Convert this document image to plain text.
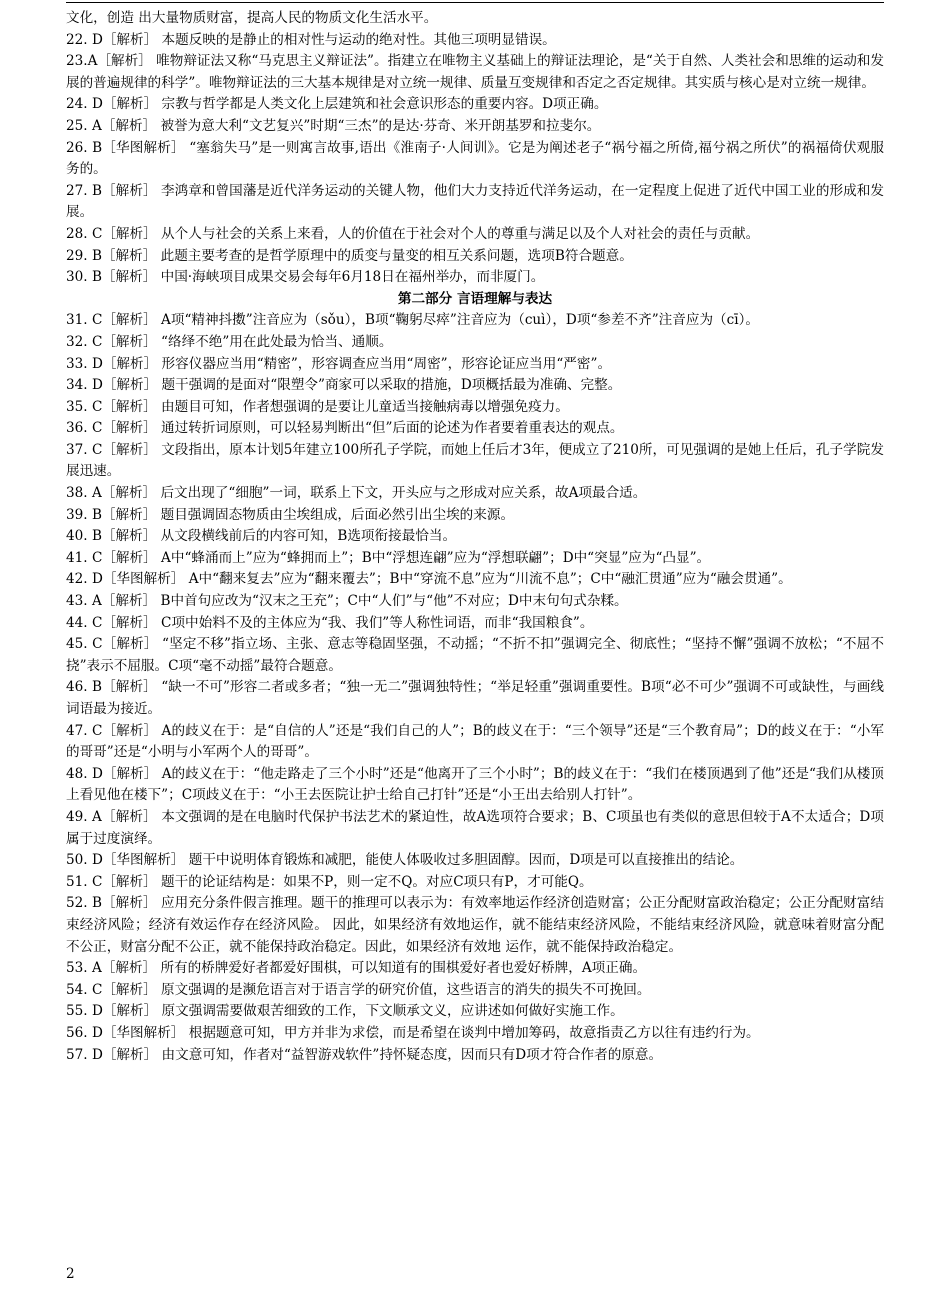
文化，创造 出大量物质财富，提高人民的物质文化生活水平。

22. D［解析］ 本题反映的是静止的相对性与运动的绝对性。其他三项明显错误。

23.A［解析］ 唯物辩证法又称“马克思主义辩证法”。指建立在唯物主义基础上的辩证法理论，是“关于自然、人类社会和思维的运动和发展的普遍规律的科学”。唯物辩证法的三大基本规律是对立统一规律、质量互变规律和否定之否定规律。其实质与核心是对立统一规律。

24. D［解析］ 宗教与哲学都是人类文化上层建筑和社会意识形态的重要内容。D项正确。

25. A［解析］ 被誉为意大利“文艺复兴”时期“三杰”的是达·芬奇、米开朗基罗和拉斐尔。

26. B［华图解析］ “塞翁失马”是一则寓言故事,语出《淮南子·人间训》。它是为阐述老子“祸兮福之所倚,福兮祸之所伏”的祸福倚伏观服务的。

27. B［解析］ 李鸿章和曾国藩是近代洋务运动的关键人物，他们大力支持近代洋务运动，在一定程度上促进了近代中国工业的形成和发展。

28. C［解析］ 从个人与社会的关系上来看，人的价值在于社会对个人的尊重与满足以及个人对社会的责任与贡献。

29. B［解析］ 此题主要考查的是哲学原理中的质变与量变的相互关系问题，选项B符合题意。

30. B［解析］ 中国·海峡项目成果交易会每年6月18日在福州举办，而非厦门。

第二部分 言语理解与表达

31. C［解析］ A项“精神抖擞”注音应为（sǒu），B项“鞠躬尽瘁”注音应为（cuì），D项“参差不齐”注音应为（cī）。

32. C［解析］ “络绎不绝”用在此处最为恰当、通顺。

33. D［解析］ 形容仪器应当用“精密”，形容调查应当用“周密”，形容论证应当用“严密”。

34. D［解析］ 题干强调的是面对“限塑令”商家可以采取的措施，D项概括最为准确、完整。

35. C［解析］ 由题目可知，作者想强调的是要让儿童适当接触病毒以增强免疫力。

36. C［解析］ 通过转折词原则，可以轻易判断出“但”后面的论述为作者要着重表达的观点。

37. C［解析］ 文段指出，原本计划5年建立100所孔子学院，而她上任后才3年，便成立了210所，可见强调的是她上任后，孔子学院发展迅速。

38. A［解析］ 后文出现了“细胞”一词，联系上下文，开头应与之形成对应关系，故A项最合适。

39. B［解析］ 题目强调固态物质由尘埃组成，后面必然引出尘埃的来源。

40. B［解析］ 从文段横线前后的内容可知，B选项衔接最恰当。

41. C［解析］ A中“蜂涌而上”应为“蜂拥而上”；B中“浮想连翩”应为“浮想联翩”；D中“突显”应为“凸显”。

42. D［华图解析］ A中“翻来复去”应为“翻来覆去”；B中“穿流不息”应为“川流不息”；C中“融汇贯通”应为“融会贯通”。

43. A［解析］ B中首句应改为“汉末之王充”；C中“人们”与“他”不对应；D中末句句式杂糅。

44. C［解析］ C项中始料不及的主体应为“我、我们”等人称性词语，而非“我国粮食”。

45. C［解析］ “坚定不移”指立场、主张、意志等稳固坚强，不动摇；“不折不扣”强调完全、彻底性；“坚持不懈”强调不放松；“不屈不挠”表示不屈服。C项“毫不动摇”最符合题意。

46. B［解析］ “缺一不可”形容二者或多者；“独一无二”强调独特性；“举足轻重”强调重要性。B项“必不可少”强调不可或缺性，与画线词语最为接近。

47. C［解析］ A的歧义在于：是“自信的人”还是“我们自己的人”；B的歧义在于：“三个领导”还是“三个教育局”；D的歧义在于：“小军的哥哥”还是“小明与小军两个人的哥哥”。

48. D［解析］ A的歧义在于：“他走路走了三个小时”还是“他离开了三个小时”；B的歧义在于：“我们在楼顶遇到了他”还是“我们从楼顶上看见他在楼下”；C项歧义在于：“小王去医院让护士给自己打针”还是“小王出去给别人打针”。

49. A［解析］ 本文强调的是在电脑时代保护书法艺术的紧迫性，故A选项符合要求；B、C项虽也有类似的意思但较于A不太适合；D项属于过度演绎。

50. D［华图解析］ 题干中说明体育锻炼和减肥，能使人体吸收过多胆固醇。因而，D项是可以直接推出的结论。

51. C［解析］ 题干的论证结构是：如果不P，则一定不Q。对应C项只有P，才可能Q。

52. B［解析］ 应用充分条件假言推理。题干的推理可以表示为：有效率地运作经济创造财富；公正分配财富政治稳定；公正分配财富结束经济风险；经济有效运作存在经济风险。 因此，如果经济有效地运作，就不能结束经济风险，不能结束经济风险，就意味着财富分配不公正，财富分配不公正，就不能保持政治稳定。因此，如果经济有效地 运作，就不能保持政治稳定。

53. A［解析］ 所有的桥牌爱好者都爱好围棋，可以知道有的围棋爱好者也爱好桥牌，A项正确。

54. C［解析］ 原文强调的是濒危语言对于语言学的研究价值，这些语言的消失的损失不可挽回。

55. D［解析］ 原文强调需要做艰苦细致的工作，下文顺承文义，应讲述如何做好实施工作。

56. D［华图解析］ 根据题意可知，甲方并非为求偿，而是希望在谈判中增加筹码，故意指责乙方以往有违约行为。

57. D［解析］ 由文意可知，作者对“益智游戏软件”持怀疑态度，因而只有D项才符合作者的原意。

2
